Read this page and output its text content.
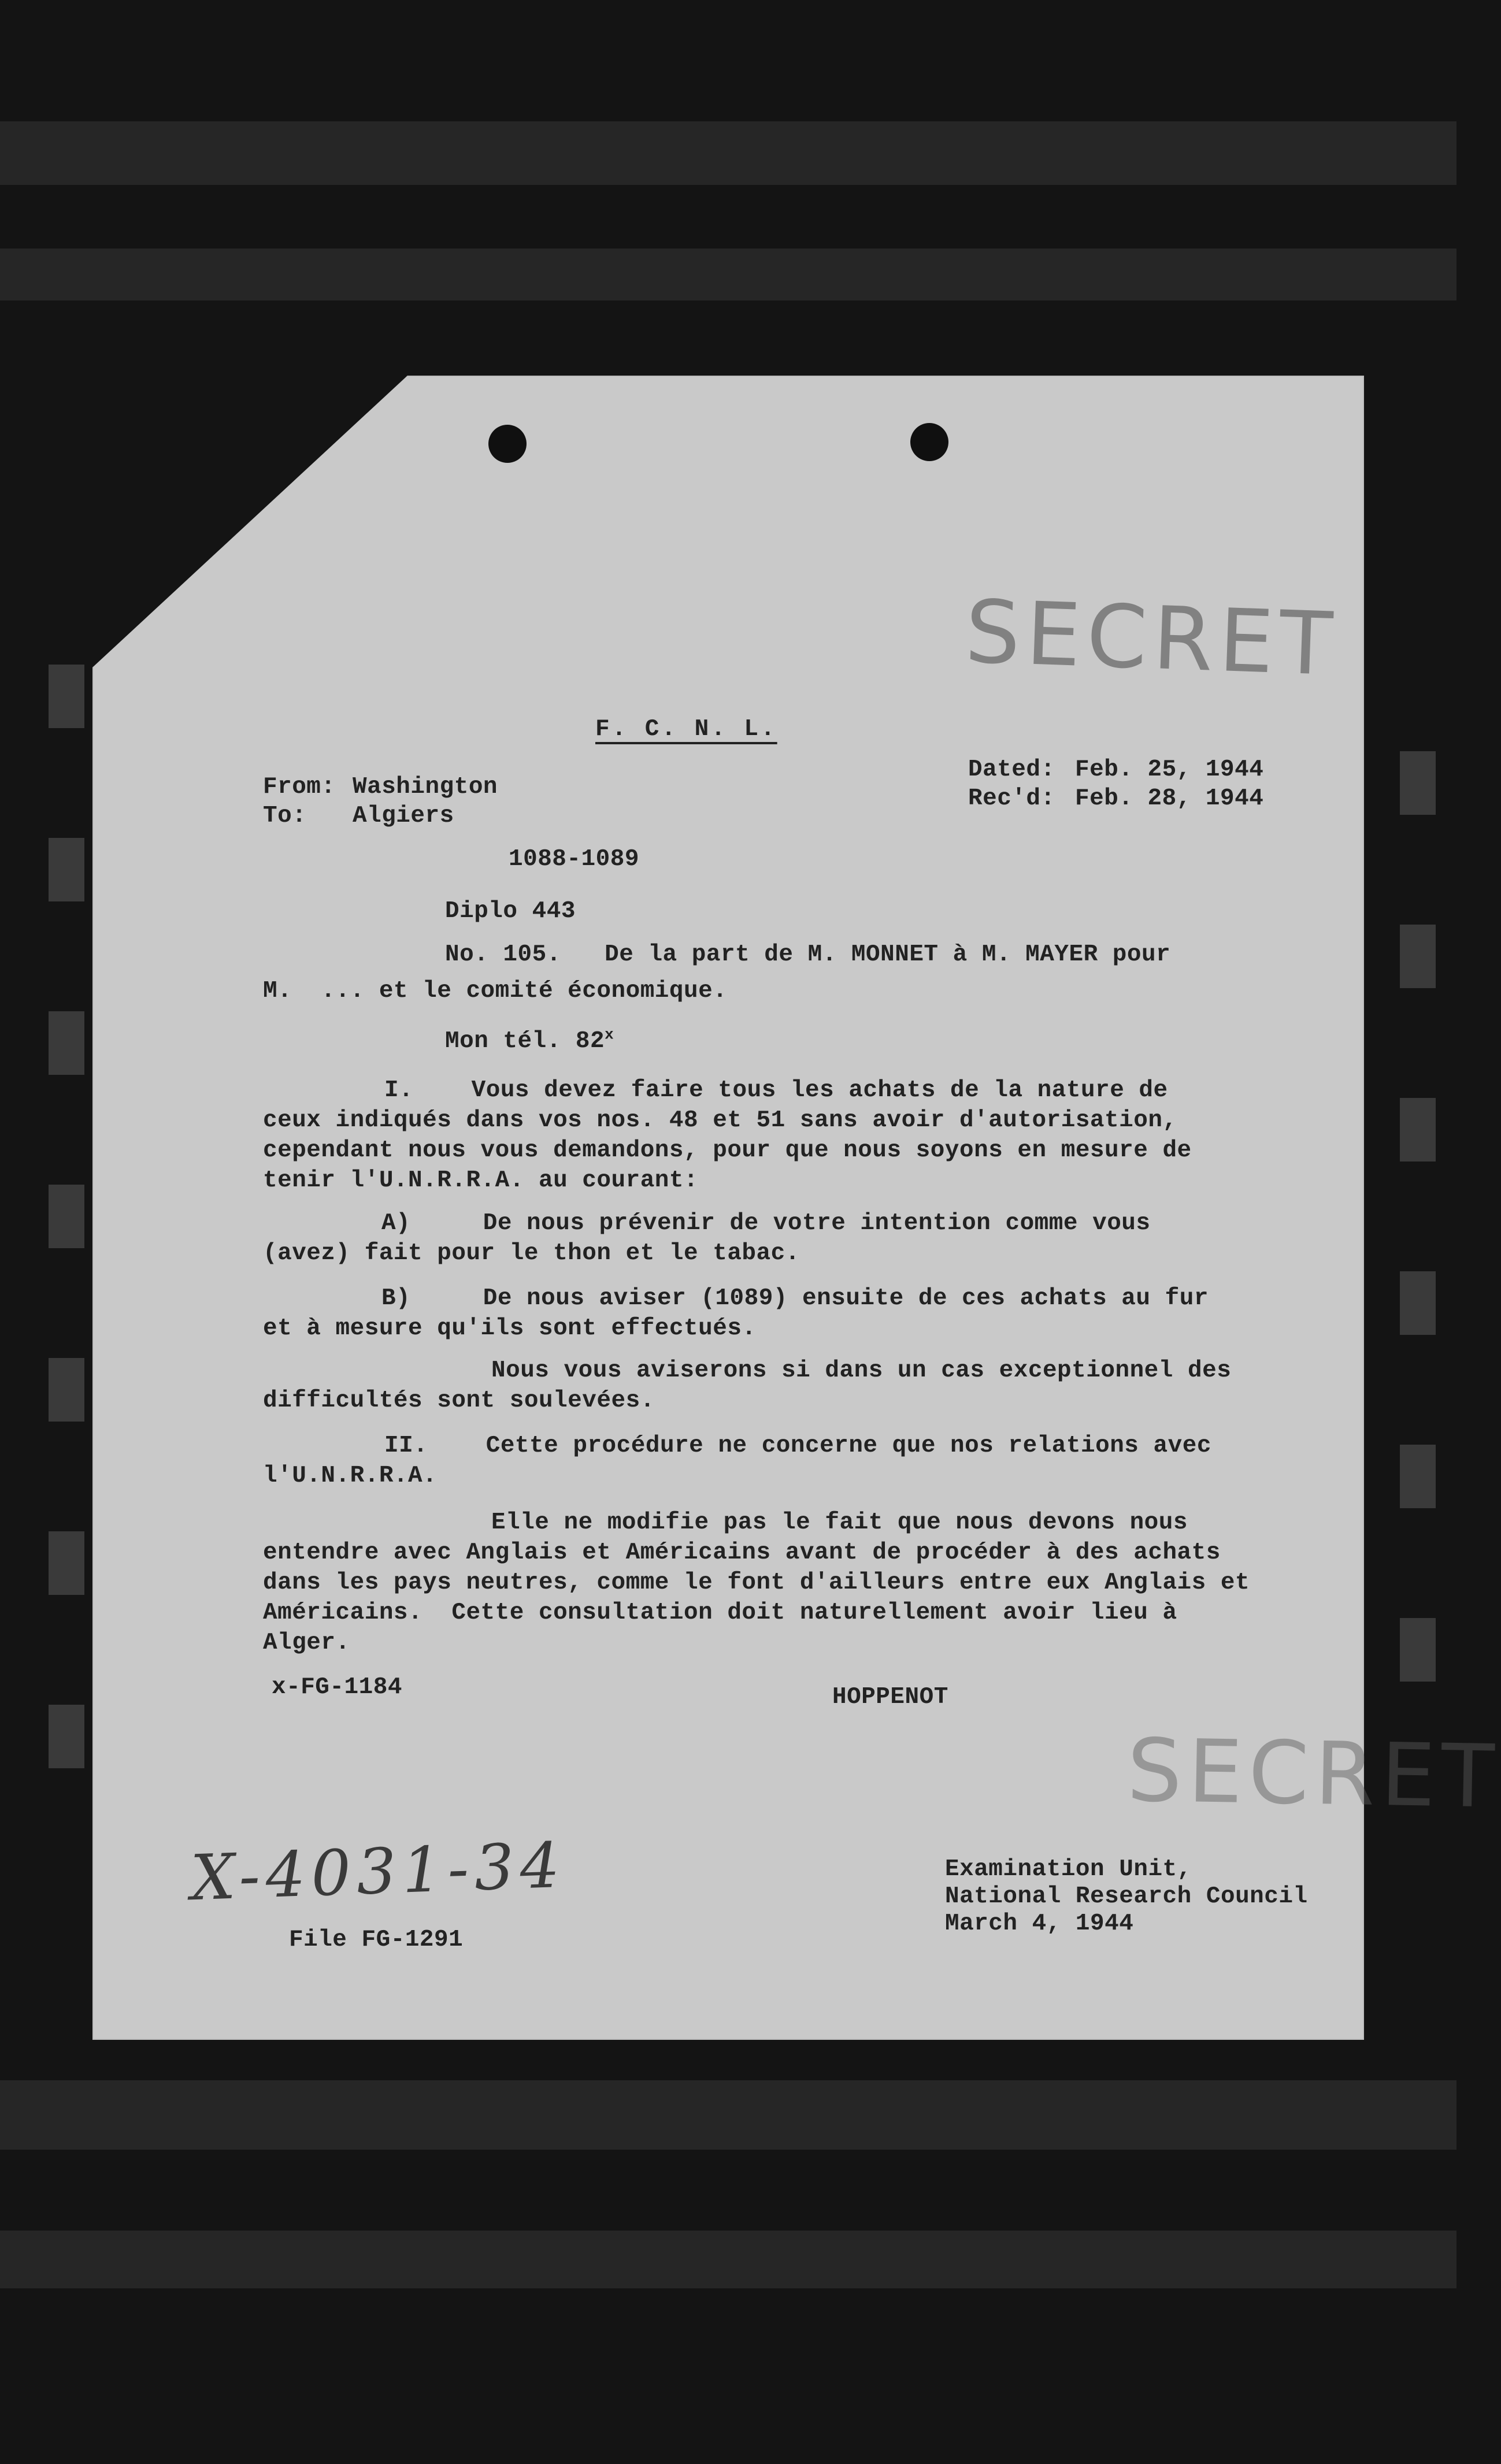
SECRET

F. C. N. L.

From: Washington

To: Algiers

Dated: Feb. 25, 1944

Rec'd: Feb. 28, 1944

1088-1089

Diplo 443

No. 105.   De la part de M. MONNET à M. MAYER pour

M.  ... et le comité économique.

Mon tél. 82$^x$

I.    Vous devez faire tous les achats de la nature de

ceux indiqués dans vos nos. 48 et 51 sans avoir d'autorisation,

cependant nous vous demandons, pour que nous soyons en mesure de

tenir l'U.N.R.R.A. au courant:

A)     De nous prévenir de votre intention comme vous

(avez) fait pour le thon et le tabac.

B)     De nous aviser (1089) ensuite de ces achats au fur

et à mesure qu'ils sont effectués.

Nous vous aviserons si dans un cas exceptionnel des

difficultés sont soulevées.

II.    Cette procédure ne concerne que nos relations avec

l'U.N.R.R.A.

Elle ne modifie pas le fait que nous devons nous

entendre avec Anglais et Américains avant de procéder à des achats

dans les pays neutres, comme le font d'ailleurs entre eux Anglais et

Américains.  Cette consultation doit naturellement avoir lieu à

Alger.

x-FG-1184	HOPPENOT

SECRET
X-4031-34	Examination Unit,

National Research Council

March 4, 1944

File FG-1291
